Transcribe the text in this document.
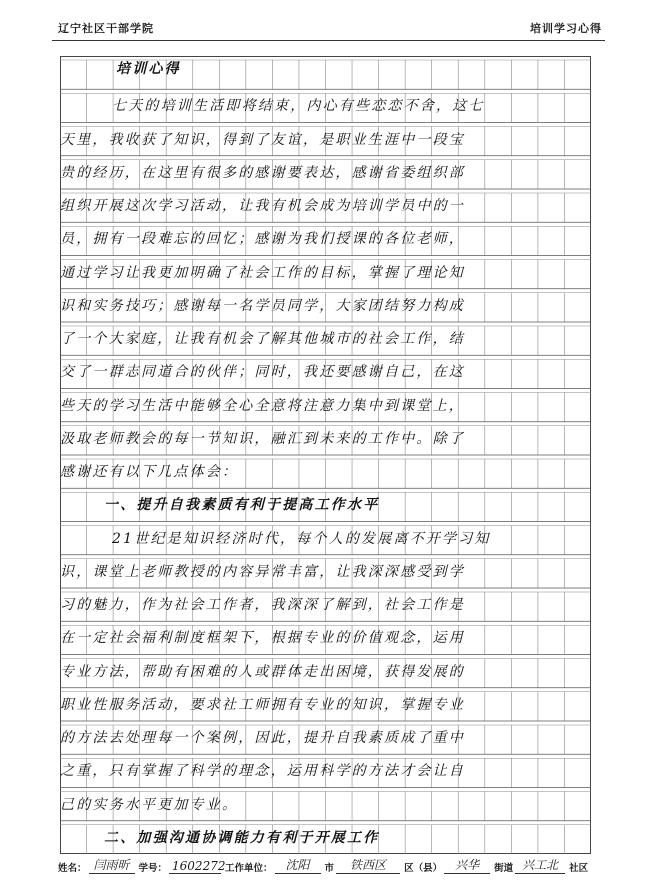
辽宁社区干部学院	培训学习心得
培训心得
七天的培训生活即将结束，内心有些恋恋不舍，这七
天里，我收获了知识，得到了友谊，是职业生涯中一段宝
贵的经历，在这里有很多的感谢要表达，感谢省委组织部
组织开展这次学习活动，让我有机会成为培训学员中的一
员，拥有一段难忘的回忆；感谢为我们授课的各位老师，
通过学习让我更加明确了社会工作的目标，掌握了理论知
识和实务技巧；感谢每一名学员同学，大家团结努力构成
了一个大家庭，让我有机会了解其他城市的社会工作，结
交了一群志同道合的伙伴；同时，我还要感谢自己，在这
些天的学习生活中能够全心全意将注意力集中到课堂上，
汲取老师教会的每一节知识，融汇到未来的工作中。除了
感谢还有以下几点体会：
一、提升自我素质有利于提高工作水平
21世纪是知识经济时代，每个人的发展离不开学习知
识，课堂上老师教授的内容异常丰富，让我深深感受到学
习的魅力，作为社会工作者，我深深了解到，社会工作是
在一定社会福利制度框架下，根据专业的价值观念，运用
专业方法，帮助有困难的人或群体走出困境，获得发展的
职业性服务活动，要求社工师拥有专业的知识，掌握专业
的方法去处理每一个案例，因此，提升自我素质成了重中
之重，只有掌握了科学的理念，运用科学的方法才会让自
己的实务水平更加专业。
二、加强沟通协调能力有利于开展工作
姓名： 闫雨昕 学号： 1602272 工作单位：	沈阳	市	铁西区	区（县）	兴华	街道 兴工北	社区
